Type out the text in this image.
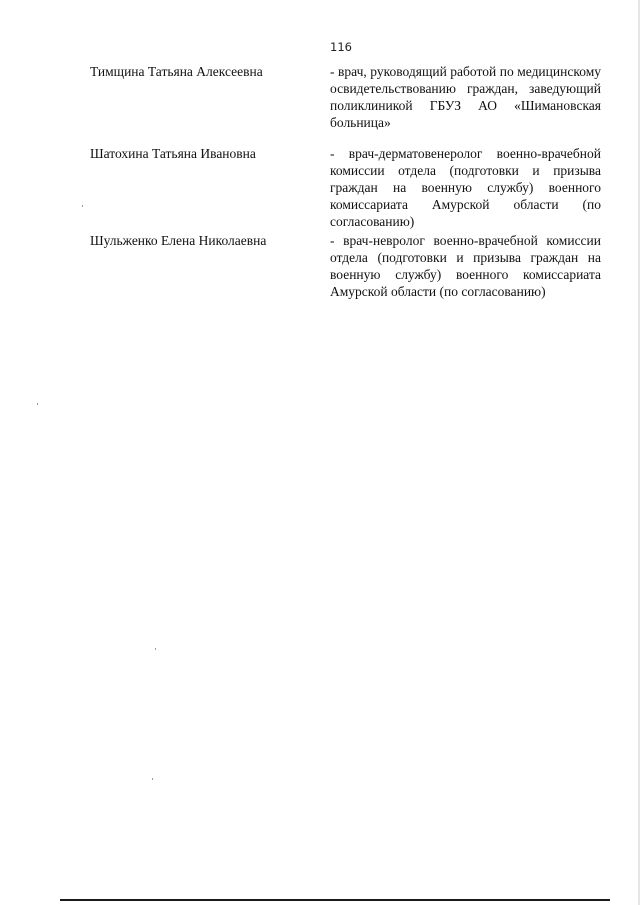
116
Тимщина Татьяна Алексеевна	- врач, руководящий работой по медицинскому освидетельствованию граждан, заведующий поликлиникой ГБУЗ АО «Шимановская больница»
Шатохина Татьяна Ивановна	- врач-дерматовенеролог военно-врачебной комиссии отдела (подготовки и призыва граждан на военную службу) военного комиссариата Амурской области (по согласованию)
Шульженко Елена Николаевна	- врач-невролог военно-врачебной комиссии отдела (подготовки и призыва граждан на военную службу) военного комиссариата Амурской области (по согласованию)
